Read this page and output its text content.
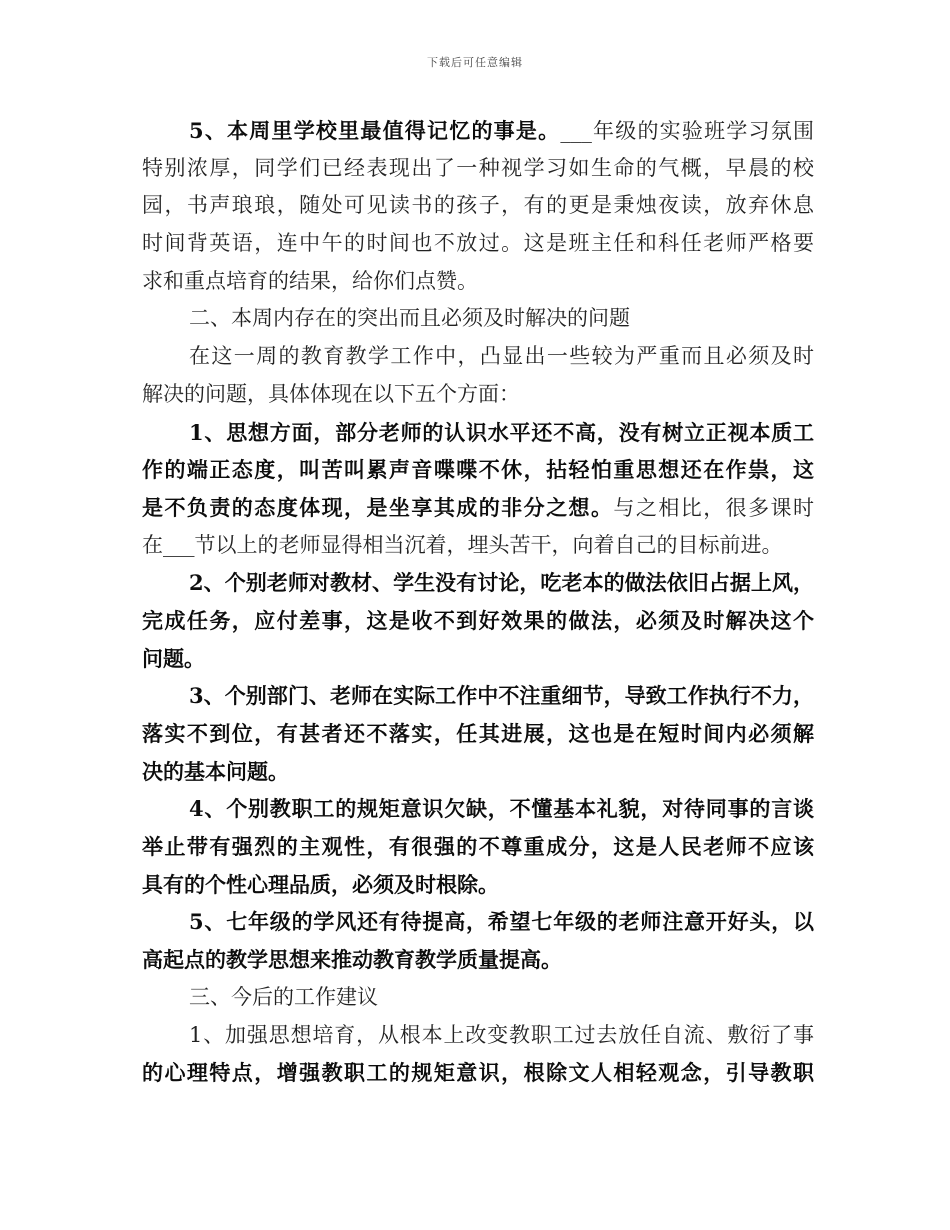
下载后可任意编辑
5、本周里学校里最值得记忆的事是。___年级的实验班学习氛围
特别浓厚，同学们已经表现出了一种视学习如生命的气概，早晨的校
园，书声琅琅，随处可见读书的孩子，有的更是秉烛夜读，放弃休息
时间背英语，连中午的时间也不放过。这是班主任和科任老师严格要
求和重点培育的结果，给你们点赞。
二、本周内存在的突出而且必须及时解决的问题
在这一周的教育教学工作中，凸显出一些较为严重而且必须及时
解决的问题，具体体现在以下五个方面：
1、思想方面，部分老师的认识水平还不高，没有树立正视本质工
作的端正态度，叫苦叫累声音喋喋不休，拈轻怕重思想还在作祟，这
是不负责的态度体现，是坐享其成的非分之想。与之相比，很多课时
在___节以上的老师显得相当沉着，埋头苦干，向着自己的目标前进。
2、个别老师对教材、学生没有讨论，吃老本的做法依旧占据上风，
完成任务，应付差事，这是收不到好效果的做法，必须及时解决这个
问题。
3、个别部门、老师在实际工作中不注重细节，导致工作执行不力，
落实不到位，有甚者还不落实，任其进展，这也是在短时间内必须解
决的基本问题。
4、个别教职工的规矩意识欠缺，不懂基本礼貌，对待同事的言谈
举止带有强烈的主观性，有很强的不尊重成分，这是人民老师不应该
具有的个性心理品质，必须及时根除。
5、七年级的学风还有待提高，希望七年级的老师注意开好头，以
高起点的教学思想来推动教育教学质量提高。
三、今后的工作建议
1、加强思想培育，从根本上改变教职工过去放任自流、敷衍了事
的心理特点，增强教职工的规矩意识，根除文人相轻观念，引导教职
